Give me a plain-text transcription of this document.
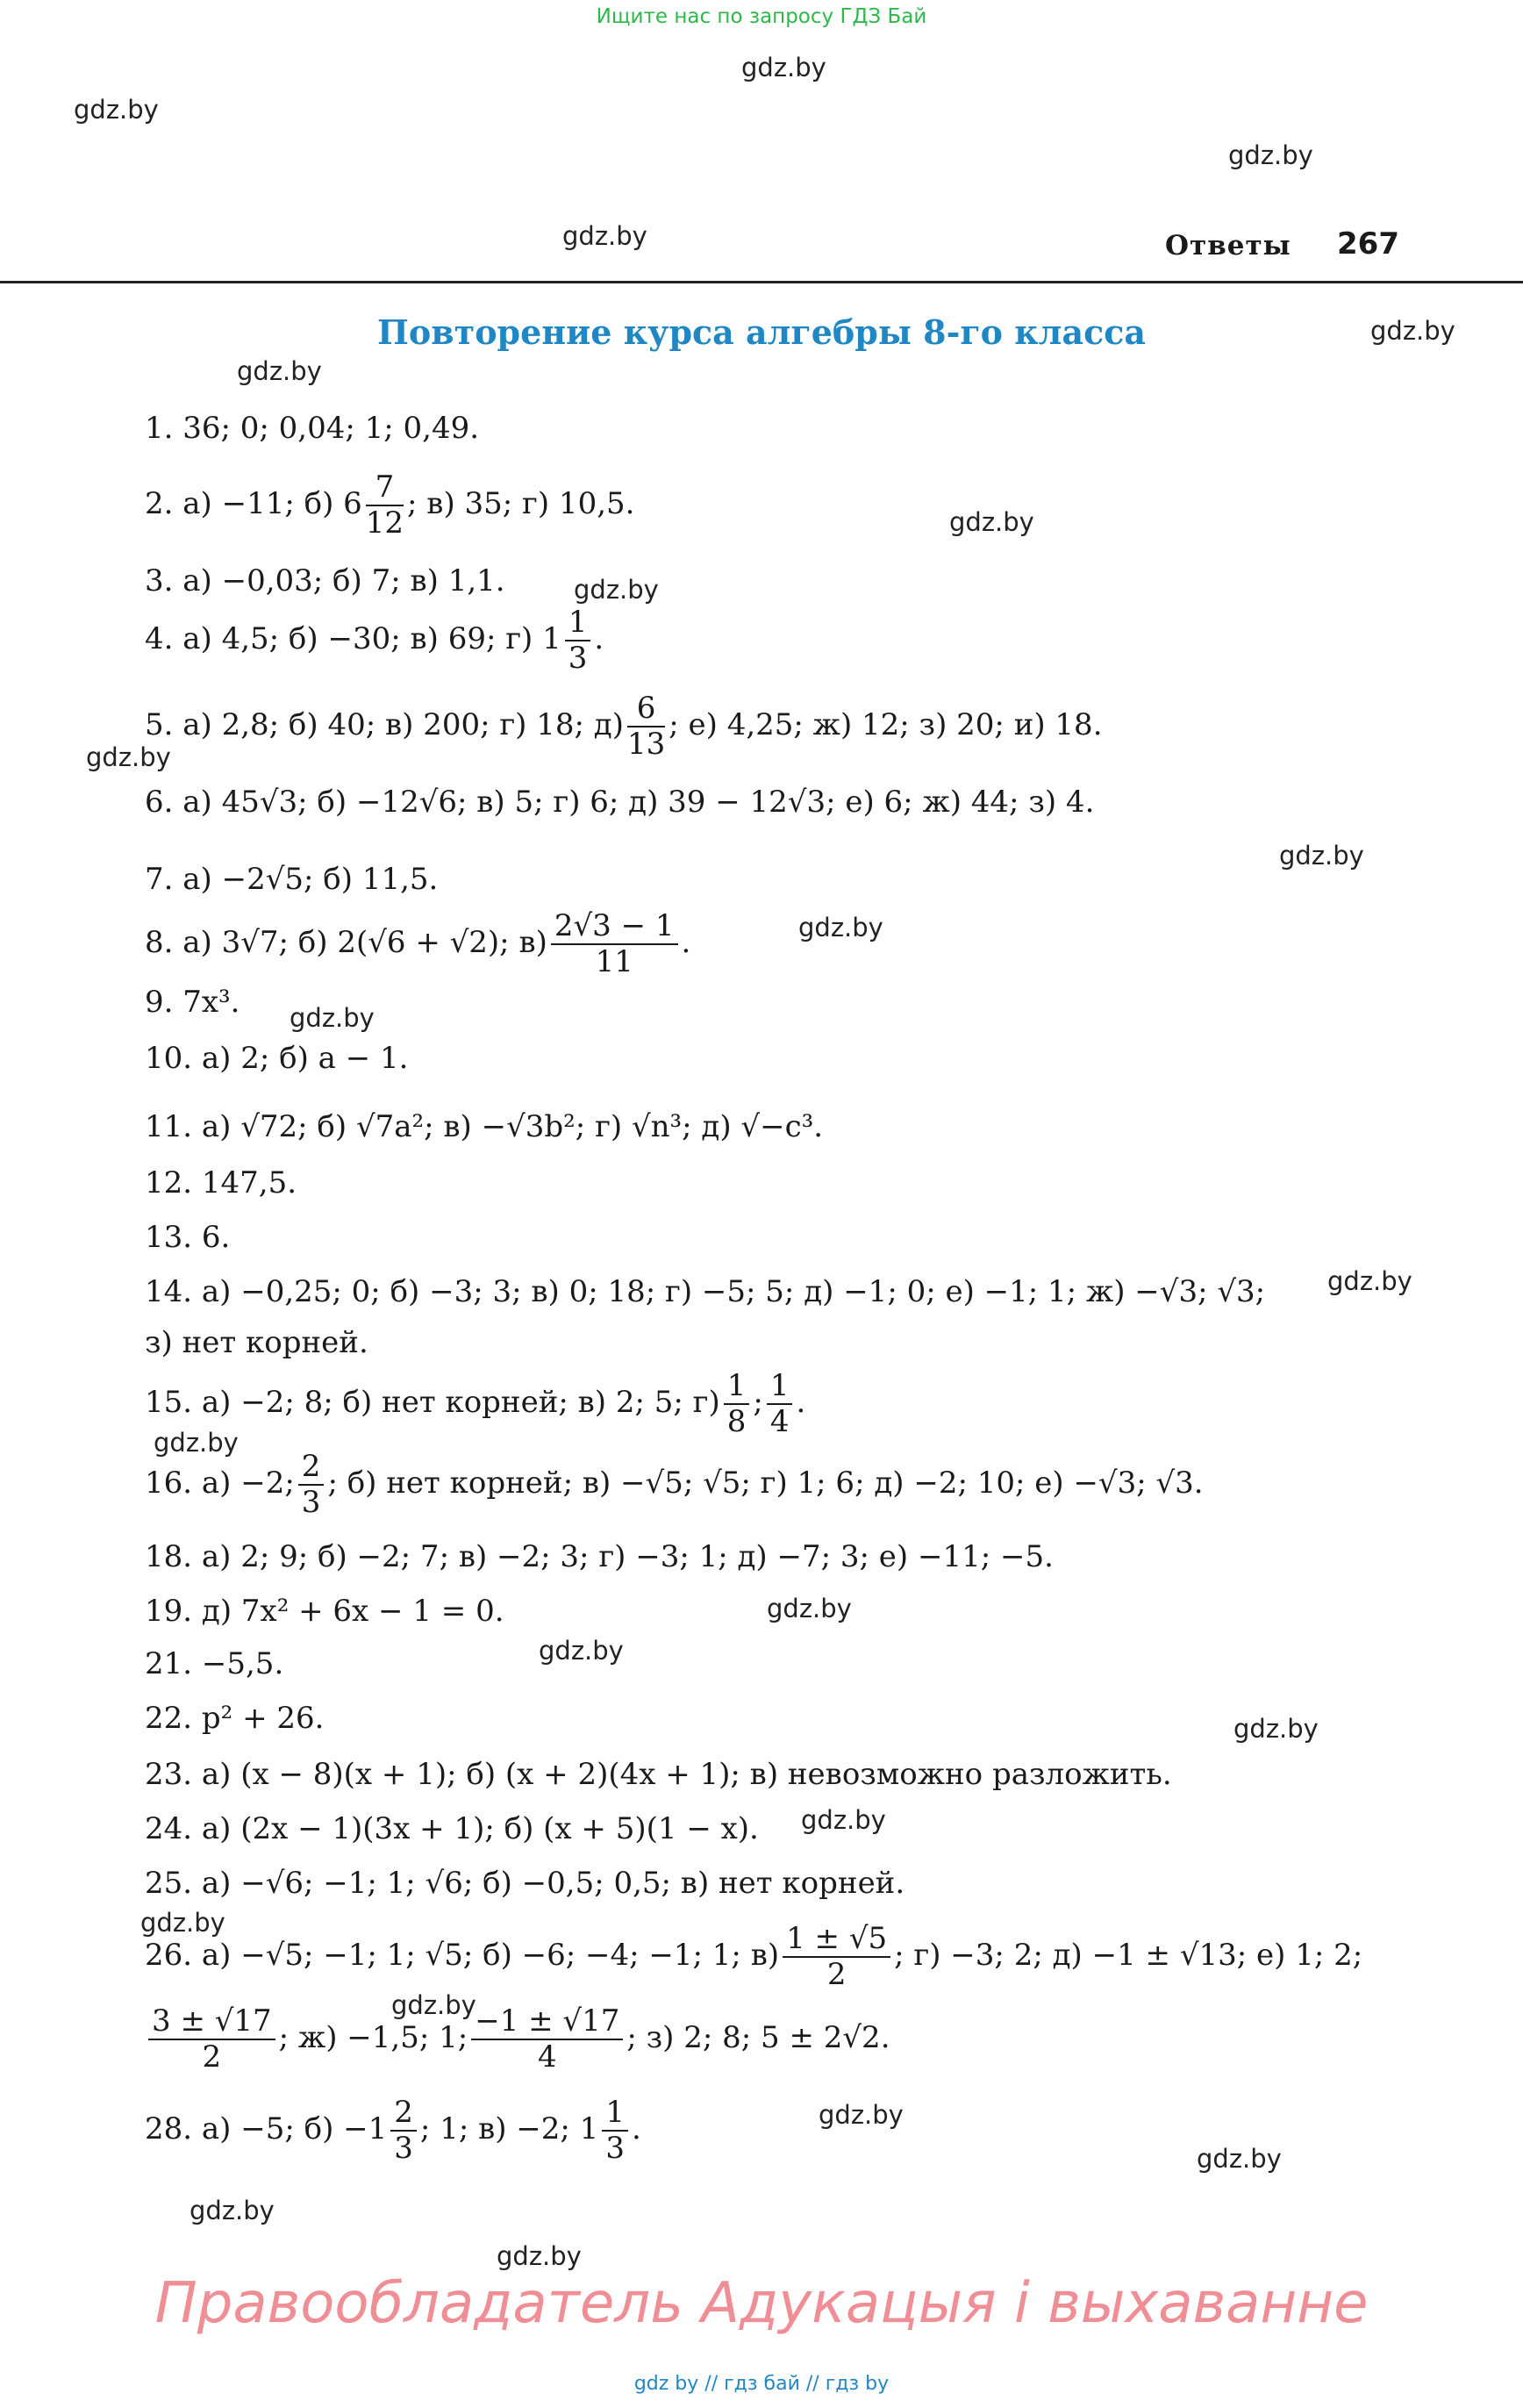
Ищите нас по запросу ГДЗ Бай
gdz.by
gdz.by
gdz.by
gdz.by
gdz.by
gdz.by
gdz.by
gdz.by
gdz.by
gdz.by
gdz.by
gdz.by
gdz.by
gdz.by
gdz.by
gdz.by
gdz.by
gdz.by
gdz.by
gdz.by
gdz.by
gdz.by
gdz.by
gdz.by
Ответы 267
Повторение курса алгебры 8-го класса
1. 36; 0; 0,04; 1; 0,49.
2. а) −11; б) $6 \frac{7}{12}$ ; в) 35; г) 10,5.
3. а) −0,03; б) 7; в) 1,1.
4. а) 4,5; б) −30; в) 69; г) $1 \frac{1}{3}$ .
5. а) 2,8; б) 40; в) 200; г) 18; $д) \frac{6}{13}$ ; е) 4,25; ж) 12; з) 20; и) 18.
6. а) 45√3; б) −12√6; в) 5; г) 6; д) 39 − 12√3; е) 6; ж) 44; з) 4.
7. а) −2√5; б) 11,5.
8. а) 3√7; б) 2(√6 + √2); $в) \frac{2√3 - 1}{11}$ .
9. 7x³.
10. а) 2; б) a − 1.
11. а) √72; б) √7a²; в) −√3b²; г) √n³; д) √−c³.
12. 147,5.
13. 6.
14. а) −0,25; 0; б) −3; 3; в) 0; 18; г) −5; 5; д) −1; 0; е) −1; 1; ж) −√3; √3;
з) нет корней.
15. а) −2; 8; б) нет корней; в) 2; 5; $г) \frac{1}{8}$ ; $\frac{1}{4}$ .
16. а) −2; $\frac{2}{3}$ ; б) нет корней; в) −√5; √5; г) 1; 6; д) −2; 10; е) −√3; √3.
18. а) 2; 9; б) −2; 7; в) −2; 3; г) −3; 1; д) −7; 3; е) −11; −5.
19. д) 7x² + 6x − 1 = 0.
21. −5,5.
22. p² + 26.
23. а) (x − 8)(x + 1); б) (x + 2)(4x + 1); в) невозможно разложить.
24. а) (2x − 1)(3x + 1); б) (x + 5)(1 − x).
25. а) −√6; −1; 1; √6; б) −0,5; 0,5; в) нет корней.
26. а) −√5; −1; 1; √5; б) −6; −4; −1; 1; $в) \frac{1 \pm √5}{2}$ ; г) −3; 2; д) −1 ± √13; е) 1; 2;
$\frac{3 \pm √17}{2}$ ; ж) −1,5; 1; $\frac{-1 \pm √17}{4}$ ; з) 2; 8; 5 ± 2√2.
28. а) −5; $б) -1 \frac{2}{3}$ ; 1; в) −2; $1 \frac{1}{3}$ .
Правообладатель Адукацыя і выхаванне
gdz by // гдз бай // гдз by
